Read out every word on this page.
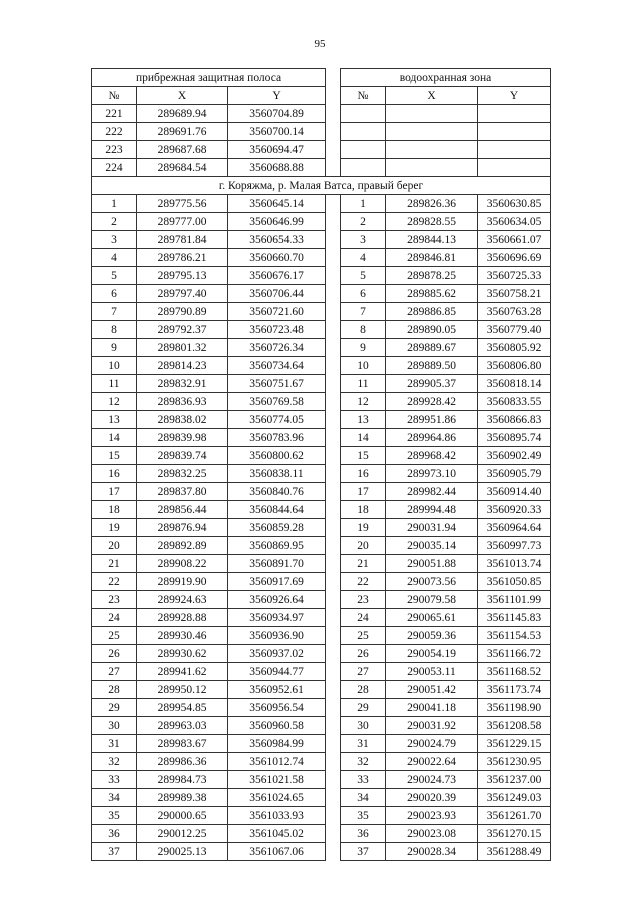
95
прибрежная защитная полоса				водоохранная зона		
№	X	Y		№	X	Y
221	289689.94	3560704.89				
222	289691.76	3560700.14				
223	289687.68	3560694.47				
224	289684.54	3560688.88				
г. Коряжма, р. Малая Ватса, правый берег						
1	289775.56	3560645.14		1	289826.36	3560630.85
2	289777.00	3560646.99		2	289828.55	3560634.05
3	289781.84	3560654.33		3	289844.13	3560661.07
4	289786.21	3560660.70		4	289846.81	3560696.69
5	289795.13	3560676.17		5	289878.25	3560725.33
6	289797.40	3560706.44		6	289885.62	3560758.21
7	289790.89	3560721.60		7	289886.85	3560763.28
8	289792.37	3560723.48		8	289890.05	3560779.40
9	289801.32	3560726.34		9	289889.67	3560805.92
10	289814.23	3560734.64		10	289889.50	3560806.80
11	289832.91	3560751.67		11	289905.37	3560818.14
12	289836.93	3560769.58		12	289928.42	3560833.55
13	289838.02	3560774.05		13	289951.86	3560866.83
14	289839.98	3560783.96		14	289964.86	3560895.74
15	289839.74	3560800.62		15	289968.42	3560902.49
16	289832.25	3560838.11		16	289973.10	3560905.79
17	289837.80	3560840.76		17	289982.44	3560914.40
18	289856.44	3560844.64		18	289994.48	3560920.33
19	289876.94	3560859.28		19	290031.94	3560964.64
20	289892.89	3560869.95		20	290035.14	3560997.73
21	289908.22	3560891.70		21	290051.88	3561013.74
22	289919.90	3560917.69		22	290073.56	3561050.85
23	289924.63	3560926.64		23	290079.58	3561101.99
24	289928.88	3560934.97		24	290065.61	3561145.83
25	289930.46	3560936.90		25	290059.36	3561154.53
26	289930.62	3560937.02		26	290054.19	3561166.72
27	289941.62	3560944.77		27	290053.11	3561168.52
28	289950.12	3560952.61		28	290051.42	3561173.74
29	289954.85	3560956.54		29	290041.18	3561198.90
30	289963.03	3560960.58		30	290031.92	3561208.58
31	289983.67	3560984.99		31	290024.79	3561229.15
32	289986.36	3561012.74		32	290022.64	3561230.95
33	289984.73	3561021.58		33	290024.73	3561237.00
34	289989.38	3561024.65		34	290020.39	3561249.03
35	290000.65	3561033.93		35	290023.93	3561261.70
36	290012.25	3561045.02		36	290023.08	3561270.15
37	290025.13	3561067.06		37	290028.34	3561288.49
